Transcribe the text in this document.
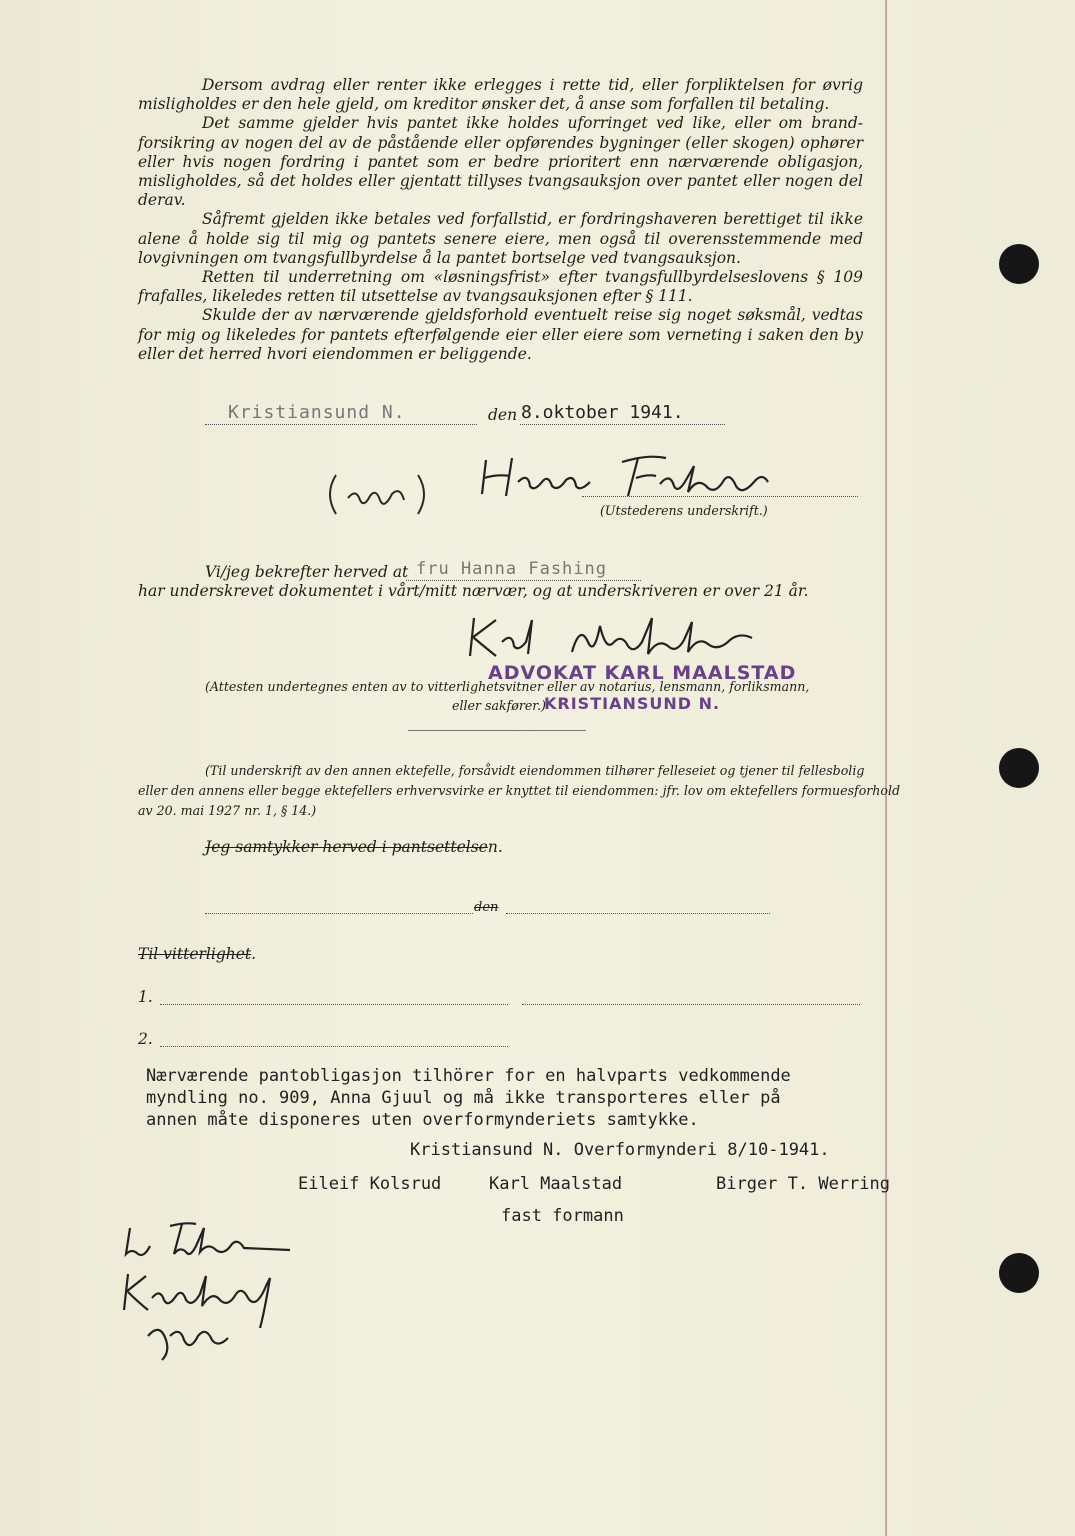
Dersom avdrag eller renter ikke erlegges i rette tid, eller forpliktelsen for øvrig misligholdes er den hele gjeld, om kreditor ønsker det, å anse som forfallen til betaling.

Det samme gjelder hvis pantet ikke holdes uforringet ved like, eller om brand-forsikring av nogen del av de påstående eller opførendes bygninger (eller skogen) ophører eller hvis nogen fordring i pantet som er bedre prioritert enn nærværende obligasjon, misligholdes, så det holdes eller gjentatt tillyses tvangsauksjon over pantet eller nogen del derav.

Såfremt gjelden ikke betales ved forfallstid, er fordringshaveren berettiget til ikke alene å holde sig til mig og pantets senere eiere, men også til overensstemmende med lovgivningen om tvangsfullbyrdelse å la pantet bortselge ved tvangsauksjon.

Retten til underretning om «løsningsfrist» efter tvangsfullbyrdelseslovens § 109 frafalles, likeledes retten til utsettelse av tvangsauksjonen efter § 111.

Skulde der av nærværende gjeldsforhold eventuelt reise sig noget søksmål, vedtas for mig og likeledes for pantets efterfølgende eier eller eiere som verneting i saken den by eller det herred hvori eiendommen er beliggende.

Kristiansund N.	den 8.oktober 1941.
(Utstederens underskrift.)
Vi/jeg bekrefter herved at fru Hanna Fashing
har underskrevet dokumentet i vårt/mitt nærvær, og at underskriveren er over 21 år.
ADVOKAT KARL MAALSTAD
(Attesten undertegnes enten av to vitterlighetsvitner eller av notarius, lensmann, forliksmann,
eller sakfører.)
KRISTIANSUND N.
(Til underskrift av den annen ektefelle, forsåvidt eiendommen tilhører felleseiet og tjener til fellesbolig
eller den annens eller begge ektefellers erhvervsvirke er knyttet til eiendommen: jfr. lov om ektefellers formuesforhold
av 20. mai 1927 nr. 1, § 14.)
Jeg samtykker herved i pantsettelsen.
den
Til vitterlighet.
1.
2.
Nærværende pantobligasjon tilhörer for en halvparts vedkommende
myndling no. 909, Anna Gjuul og må ikke transporteres eller på
annen måte disponeres uten overformynderiets samtykke.
Kristiansund N. Overformynderi 8/10-1941.
Eileif Kolsrud	Karl Maalstad	Birger T. Werring
fast formann
